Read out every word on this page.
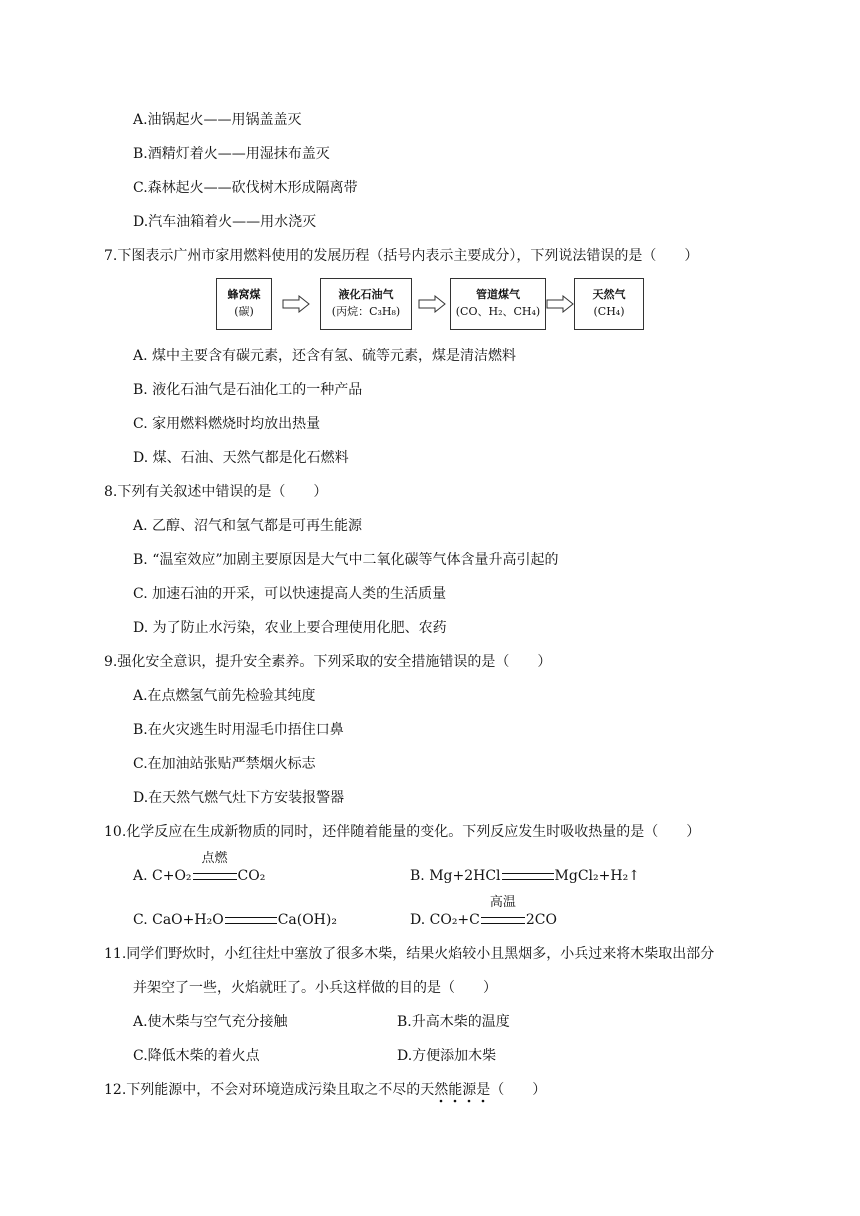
A.油锅起火——用锅盖盖灭
B.酒精灯着火——用湿抹布盖灭
C.森林起火——砍伐树木形成隔离带
D.汽车油箱着火——用水浇灭
7.下图表示广州市家用燃料使用的发展历程（括号内表示主要成分），下列说法错误的是（　　）
蜂窝煤
(碳)
液化石油气
(丙烷：C₃H₈)
管道煤气
(CO、H₂、CH₄)
天然气
(CH₄)
A. 煤中主要含有碳元素，还含有氢、硫等元素，煤是清洁燃料
B. 液化石油气是石油化工的一种产品
C. 家用燃料燃烧时均放出热量
D. 煤、石油、天然气都是化石燃料
8.下列有关叙述中错误的是（　　）
A. 乙醇、沼气和氢气都是可再生能源
B. “温室效应”加剧主要原因是大气中二氧化碳等气体含量升高引起的
C. 加速石油的开采，可以快速提高人类的生活质量
D. 为了防止水污染，农业上要合理使用化肥、农药
9.强化安全意识，提升安全素养。下列采取的安全措施错误的是（　　）
A.在点燃氢气前先检验其纯度
B.在火灾逃生时用湿毛巾捂住口鼻
C.在加油站张贴严禁烟火标志
D.在天然气燃气灶下方安装报警器
10.化学反应在生成新物质的同时，还伴随着能量的变化。下列反应发生时吸收热量的是（　　）
A. C+O₂
点燃
CO₂	B. Mg+2HCl	MgCl₂+H₂↑
C. CaO+H₂O	Ca(OH)₂	D. CO₂+C
高温
2CO
11.同学们野炊时，小红往灶中塞放了很多木柴，结果火焰较小且黑烟多，小兵过来将木柴取出部分
并架空了一些，火焰就旺了。小兵这样做的目的是（　　）
A.使木柴与空气充分接触	B.升高木柴的温度
C.降低木柴的着火点	D.方便添加木柴
12.下列能源中，不会对环境造成污染且取之不尽的天然能源是（　　）
